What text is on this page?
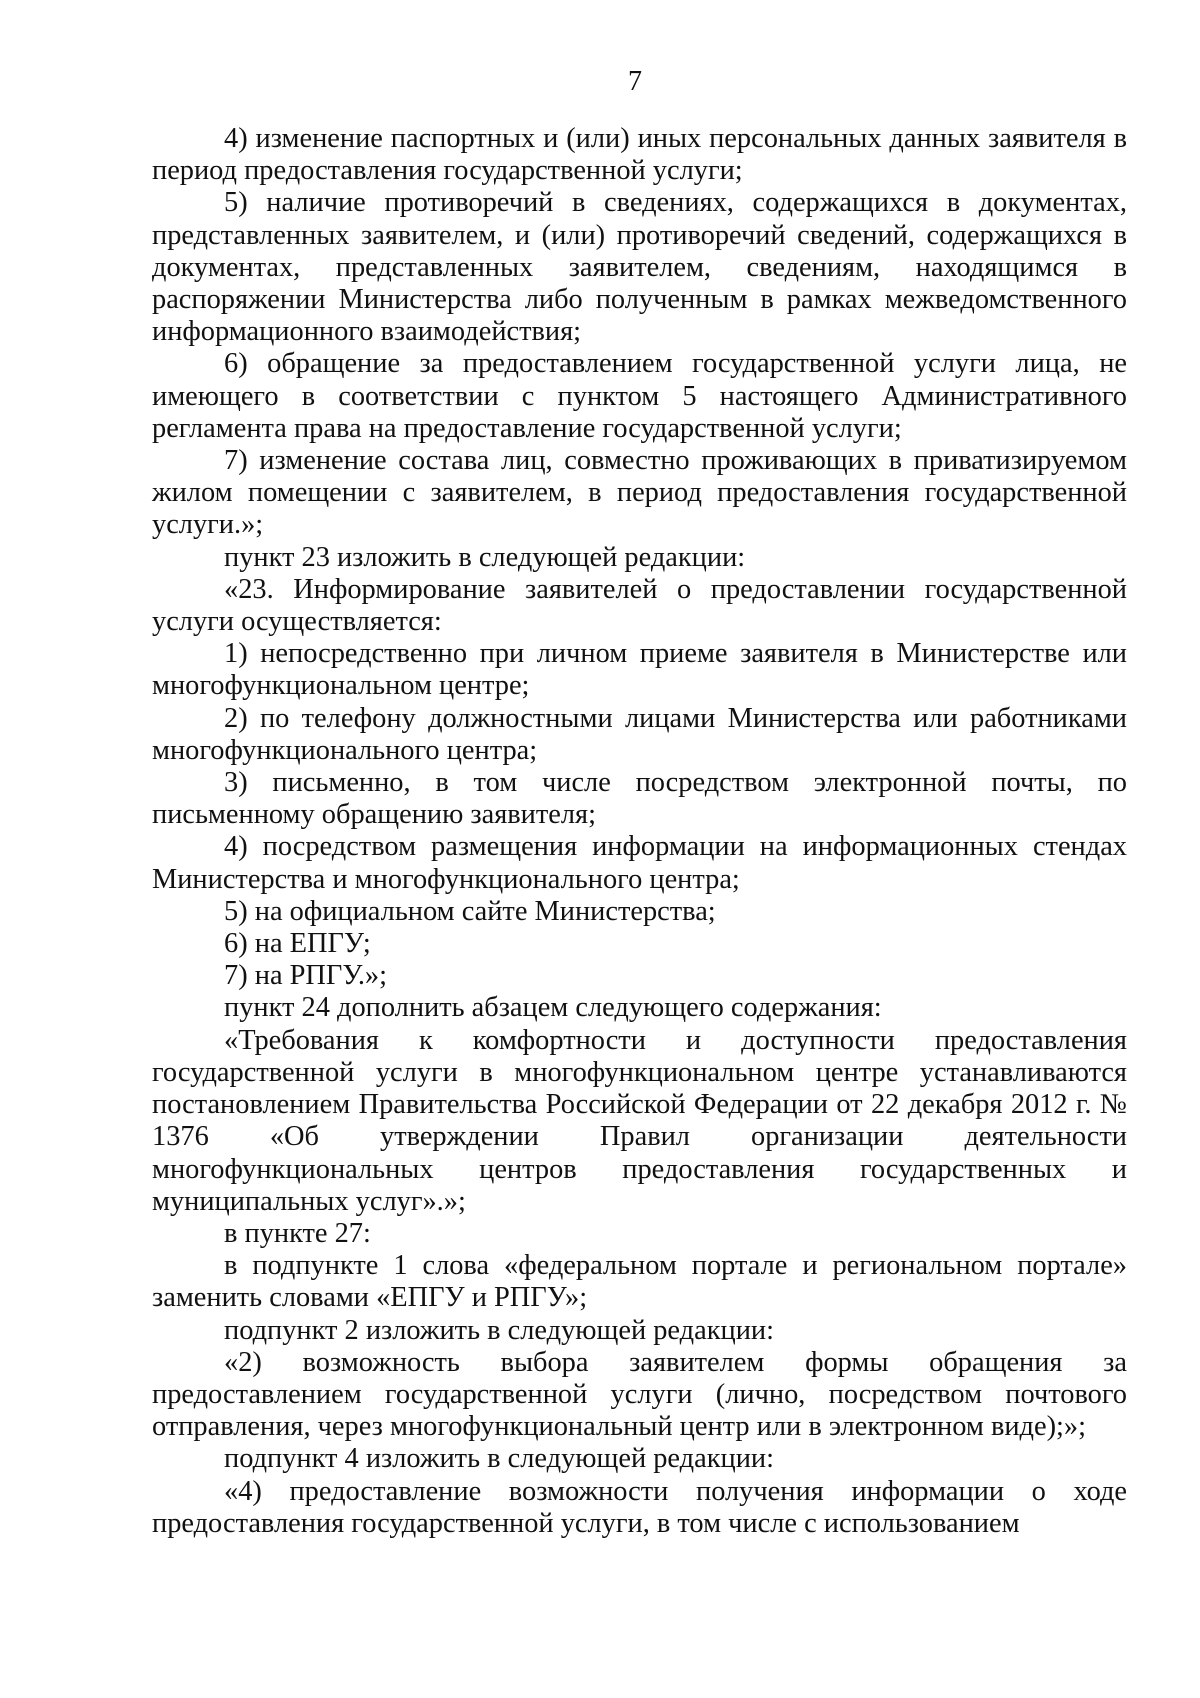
7

4) изменение паспортных и (или) иных персональных данных заявителя в период предоставления государственной услуги;

5) наличие противоречий в сведениях, содержащихся в документах, представленных заявителем, и (или) противоречий сведений, содержащихся в документах, представленных заявителем, сведениям, находящимся в распоряжении Министерства либо полученным в рамках межведомственного информационного взаимодействия;

6) обращение за предоставлением государственной услуги лица, не имеющего в соответствии с пунктом 5 настоящего Административного регламента права на предоставление государственной услуги;

7) изменение состава лиц, совместно проживающих в приватизируемом жилом помещении с заявителем, в период предоставления государственной услуги.»;

пункт 23 изложить в следующей редакции:

«23. Информирование заявителей о предоставлении государственной услуги осуществляется:

1) непосредственно при личном приеме заявителя в Министерстве или многофункциональном центре;

2) по телефону должностными лицами Министерства или работниками многофункционального центра;

3) письменно, в том числе посредством электронной почты, по письменному обращению заявителя;

4) посредством размещения информации на информационных стендах Министерства и многофункционального центра;

5) на официальном сайте Министерства;

6) на ЕПГУ;

7) на РПГУ.»;

пункт 24 дополнить абзацем следующего содержания:

«Требования к комфортности и доступности предоставления государственной услуги в многофункциональном центре устанавливаются постановлением Правительства Российской Федерации от 22 декабря 2012 г. № 1376 «Об утверждении Правил организации деятельности многофункциональных центров предоставления государственных и муниципальных услуг».»;

в пункте 27:

в подпункте 1 слова «федеральном портале и региональном портале» заменить словами «ЕПГУ и РПГУ»;

подпункт 2 изложить в следующей редакции:

«2) возможность выбора заявителем формы обращения за предоставлением государственной услуги (лично, посредством почтового отправления, через многофункциональный центр или в электронном виде);»;

подпункт 4 изложить в следующей редакции:

«4) предоставление возможности получения информации о ходе предоставления государственной услуги, в том числе с использованием
